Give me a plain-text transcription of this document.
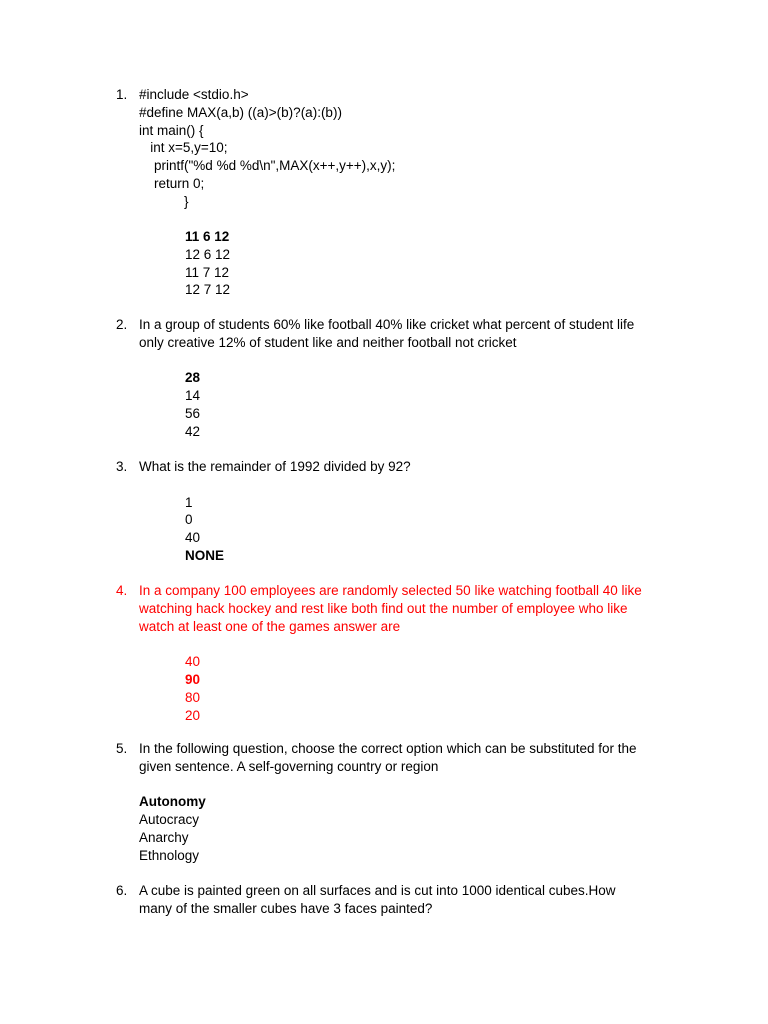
1. #include <stdio.h>
#define MAX(a,b) ((a)>(b)?(a):(b))
int main() {
int x=5,y=10;
printf("%d %d %d\n",MAX(x++,y++),x,y);
return 0;
}
11 6 12
12 6 12
11 7 12
12 7 12
2. In a group of students 60% like football 40% like cricket what percent of student life
only creative 12% of student like and neither football not cricket
28
14
56
42
3. What is the remainder of 1992 divided by 92?
1
0
40
NONE
4. In a company 100 employees are randomly selected 50 like watching football 40 like
watching hack hockey and rest like both find out the number of employee who like
watch at least one of the games answer are
40
90
80
20
5. In the following question, choose the correct option which can be substituted for the
given sentence. A self-governing country or region
Autonomy
Autocracy
Anarchy
Ethnology
6. A cube is painted green on all surfaces and is cut into 1000 identical cubes.How
many of the smaller cubes have 3 faces painted?
